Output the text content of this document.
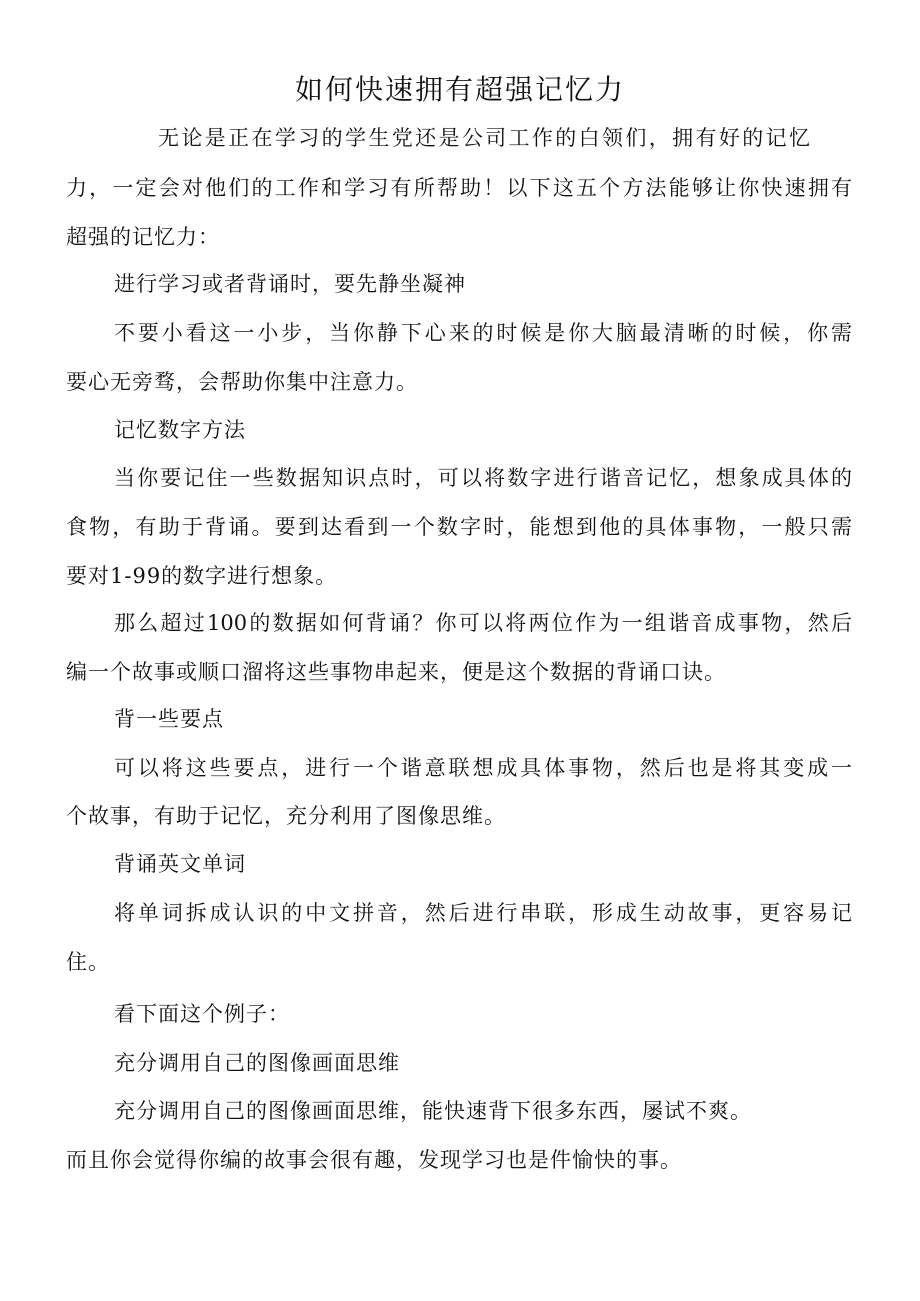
如何快速拥有超强记忆力

无论是正在学习的学生党还是公司工作的白领们，拥有好的记忆

力，一定会对他们的工作和学习有所帮助！以下这五个方法能够让你快速拥有

超强的记忆力：

进行学习或者背诵时，要先静坐凝神

不要小看这一小步，当你静下心来的时候是你大脑最清晰的时候，你需

要心无旁骛，会帮助你集中注意力。

记忆数字方法

当你要记住一些数据知识点时，可以将数字进行谐音记忆，想象成具体的

食物，有助于背诵。要到达看到一个数字时，能想到他的具体事物，一般只需

要对1-99的数字进行想象。

那么超过100的数据如何背诵？你可以将两位作为一组谐音成事物，然后

编一个故事或顺口溜将这些事物串起来，便是这个数据的背诵口诀。

背一些要点

可以将这些要点，进行一个谐意联想成具体事物，然后也是将其变成一

个故事，有助于记忆，充分利用了图像思维。

背诵英文单词

将单词拆成认识的中文拼音，然后进行串联，形成生动故事，更容易记

住。

看下面这个例子：

充分调用自己的图像画面思维

充分调用自己的图像画面思维，能快速背下很多东西，屡试不爽。

而且你会觉得你编的故事会很有趣，发现学习也是件愉快的事。
